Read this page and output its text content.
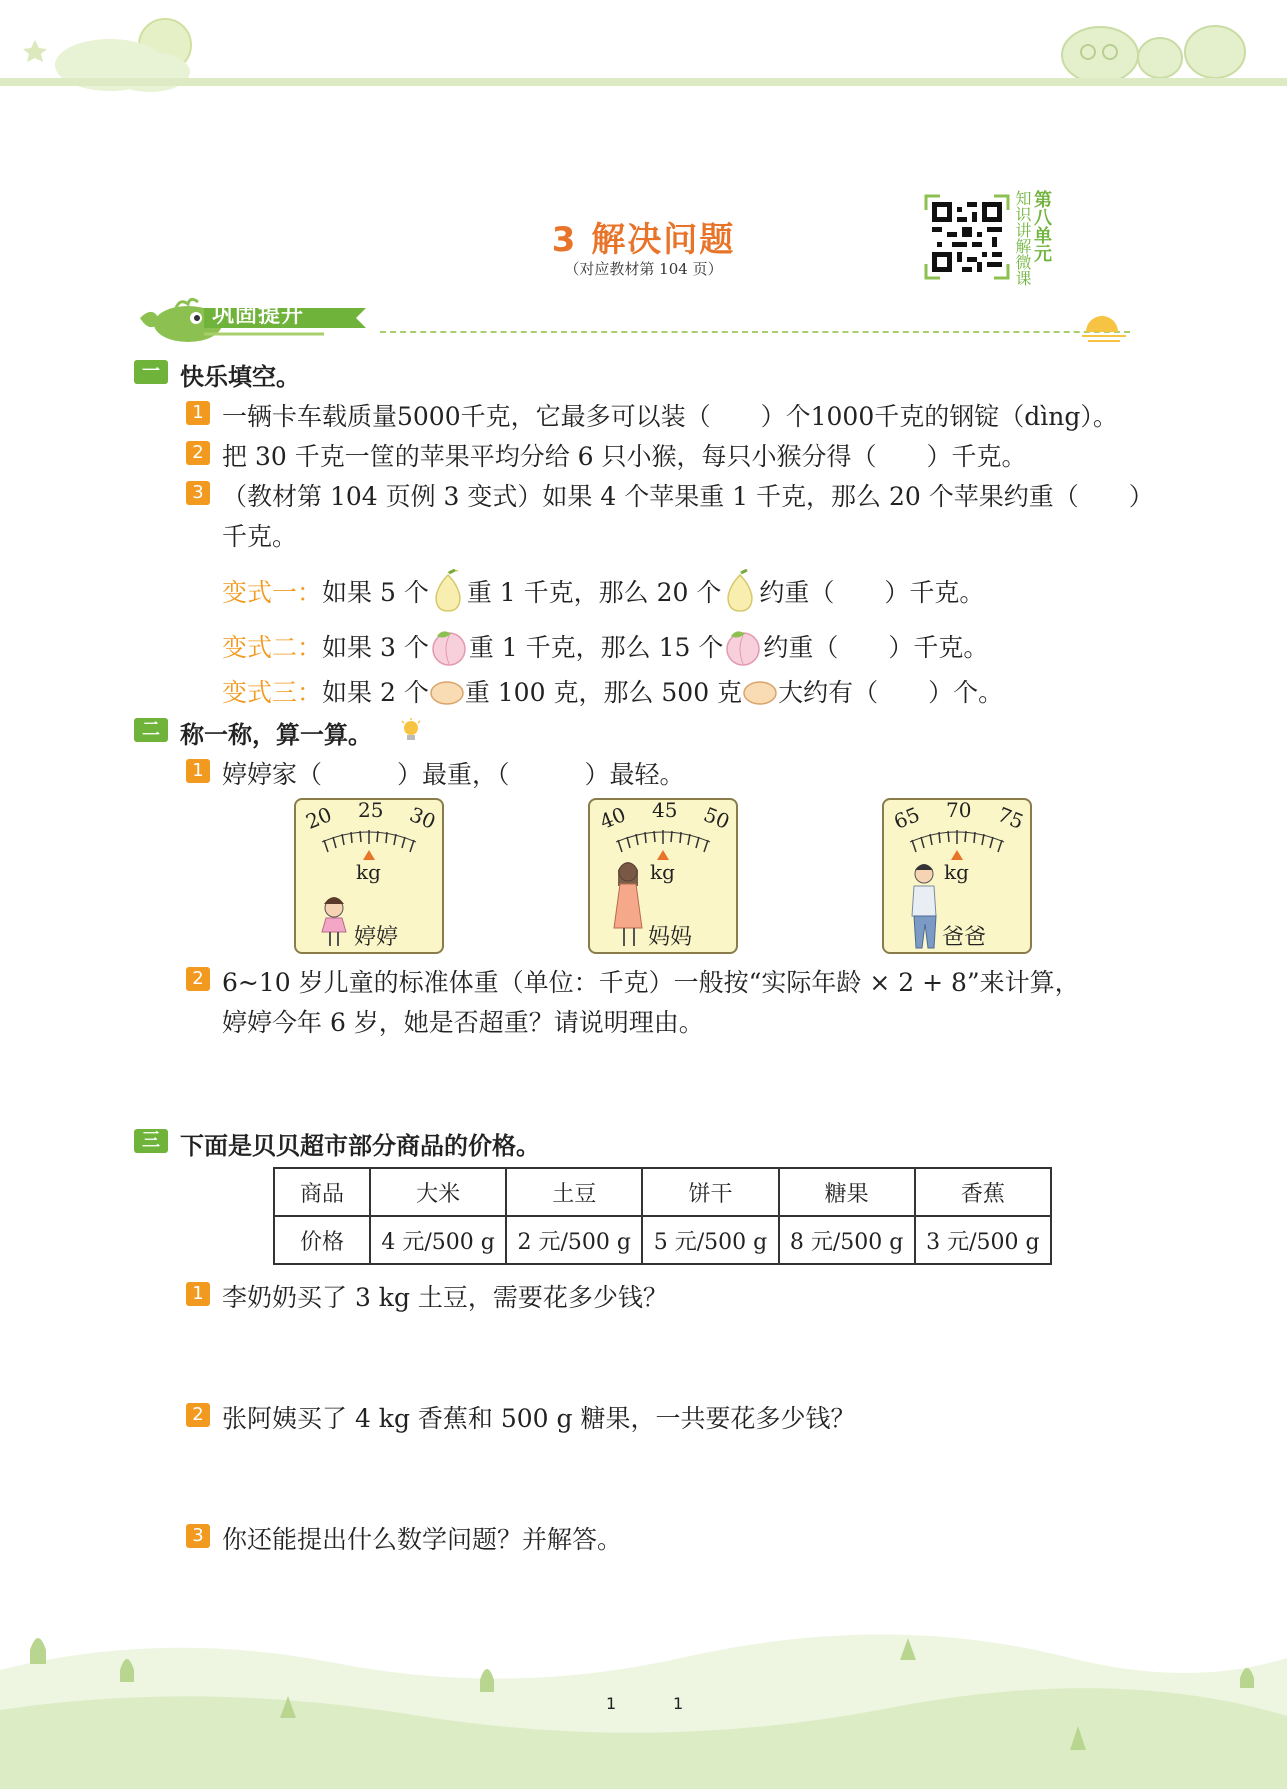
3 解决问题
（对应教材第 104 页）	知识讲解微课 第八单元
巩固提升
一 快乐填空。
1 一辆卡车载质量5000千克，它最多可以装（　　）个1000千克的钢锭（dìng）。
2 把 30 千克一筐的苹果平均分给 6 只小猴，每只小猴分得（　　）千克。
3 （教材第 104 页例 3 变式）如果 4 个苹果重 1 千克，那么 20 个苹果约重（　　）
千克。
变式一：如果 5 个 重 1 千克，那么 20 个 约重（　　）千克。
变式二：如果 3 个 重 1 千克，那么 15 个 约重（　　）千克。
变式三：如果 2 个 重 100 克，那么 500 克 大约有（　　）个。
二 称一称，算一算。
1 婷婷家（　　　）最重，（　　　）最轻。
20 25 30
kg
婷婷
40 45 50
kg
妈妈
65 70 75
kg
爸爸
2 6~10 岁儿童的标准体重（单位：千克）一般按“实际年龄 × 2 + 8”来计算，
婷婷今年 6 岁，她是否超重？请说明理由。
三 下面是贝贝超市部分商品的价格。
商品	大米	土豆	饼干	糖果	香蕉
价格	4 元/500 g	2 元/500 g	5 元/500 g	8 元/500 g	3 元/500 g
1 李奶奶买了 3 kg 土豆，需要花多少钱？
2 张阿姨买了 4 kg 香蕉和 500 g 糖果，一共要花多少钱？
3 你还能提出什么数学问题？并解答。
1	1
